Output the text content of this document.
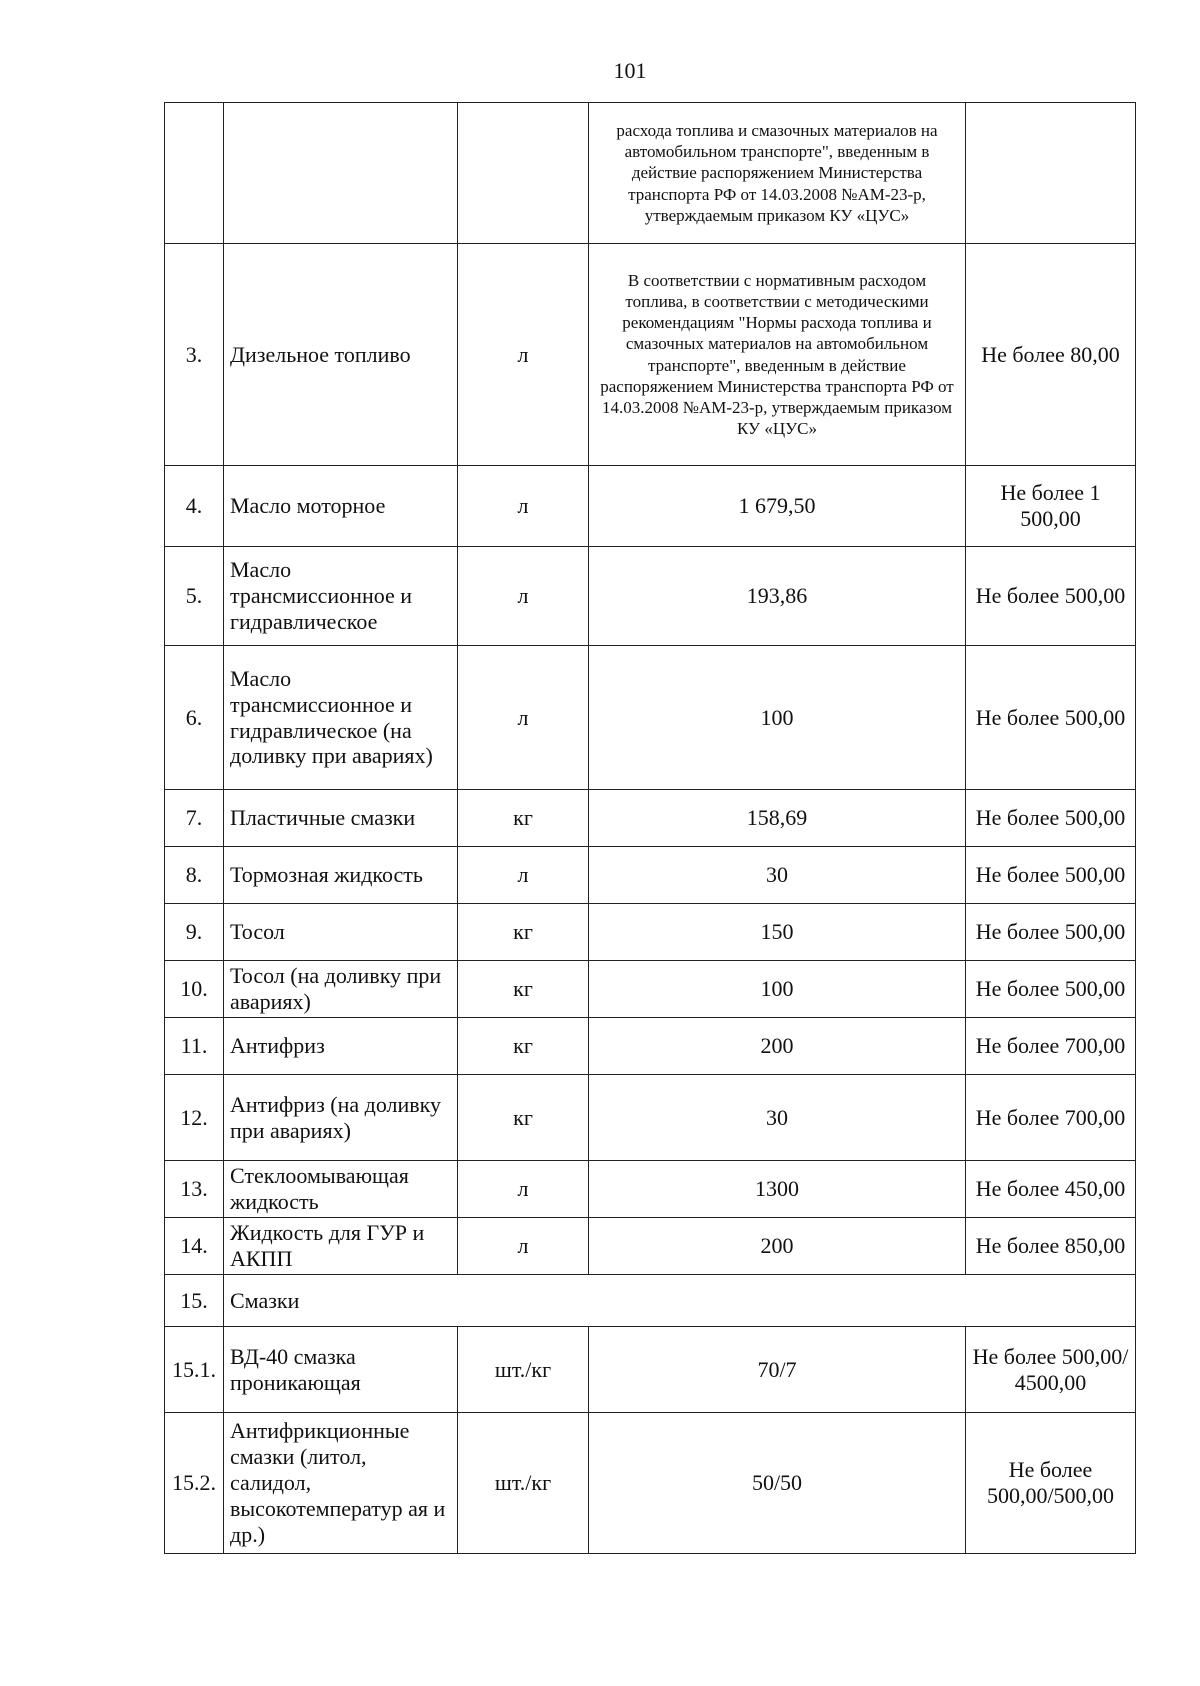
101
			расхода топлива и смазочных материалов на автомобильном транспорте", введенным в действие распоряжением Министерства транспорта РФ от 14.03.2008 №АМ-23-р, утверждаемым приказом КУ «ЦУС»	
3.	Дизельное топливо	л	В соответствии с нормативным расходом топлива, в соответствии с методическими рекомендациям "Нормы расхода топлива и смазочных материалов на автомобильном транспорте", введенным в действие распоряжением Министерства транспорта РФ от 14.03.2008 №АМ-23-р, утверждаемым приказом КУ «ЦУС»	Не более 80,00
4.	Масло моторное	л	1 679,50	Не более 1 500,00
5.	Масло трансмиссионное и гидравлическое	л	193,86	Не более 500,00
6.	Масло трансмиссионное и гидравлическое (на доливку при авариях)	л	100	Не более 500,00
7.	Пластичные смазки	кг	158,69	Не более 500,00
8.	Тормозная жидкость	л	30	Не более 500,00
9.	Тосол	кг	150	Не более 500,00
10.	Тосол (на доливку при авариях)	кг	100	Не более 500,00
11.	Антифриз	кг	200	Не более 700,00
12.	Антифриз (на доливку при авариях)	кг	30	Не более 700,00
13.	Стеклоомывающая жидкость	л	1300	Не более 450,00
14.	Жидкость для ГУР и АКПП	л	200	Не более 850,00
15.	Смазки			
15.1.	ВД-40 смазка проникающая	шт./кг	70/7	Не более 500,00/ 4500,00
15.2.	Антифрикционные смазки (литол, салидол, высокотемператур ая и др.)	шт./кг	50/50	Не более 500,00/500,00
